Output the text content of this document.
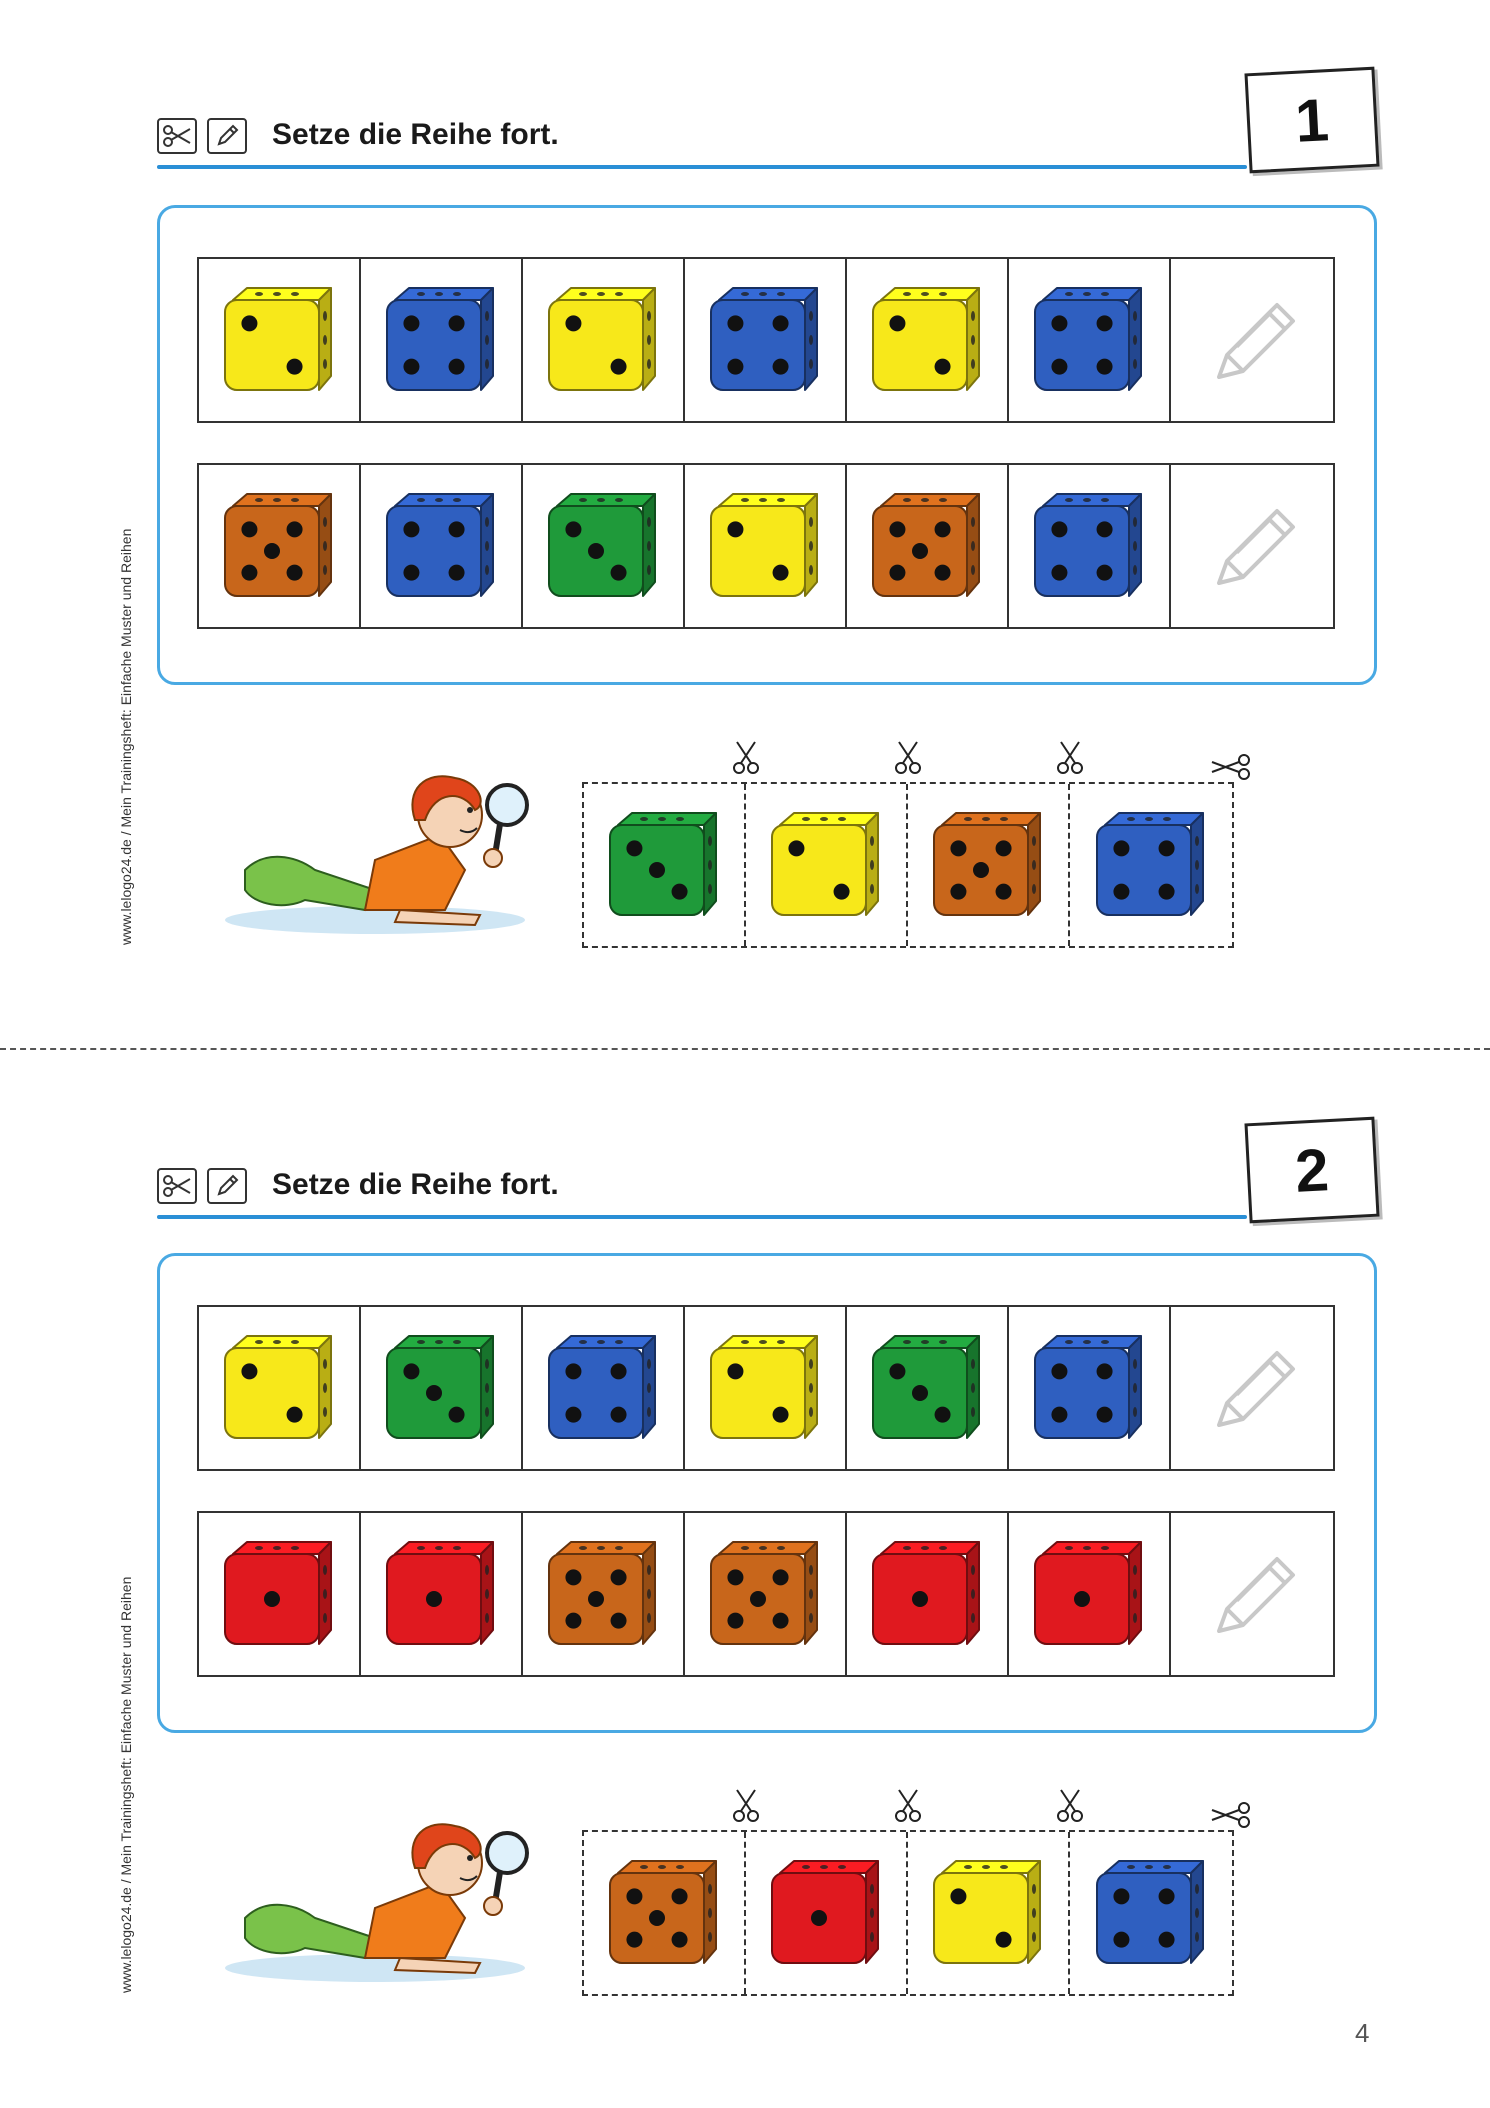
www.lelogo24.de / Mein Trainingsheft: Einfache Muster und Reihen
www.lelogo24.de / Mein Trainingsheft: Einfache Muster und Reihen
Setze die Reihe fort.	1
Setze die Reihe fort.	2
4
